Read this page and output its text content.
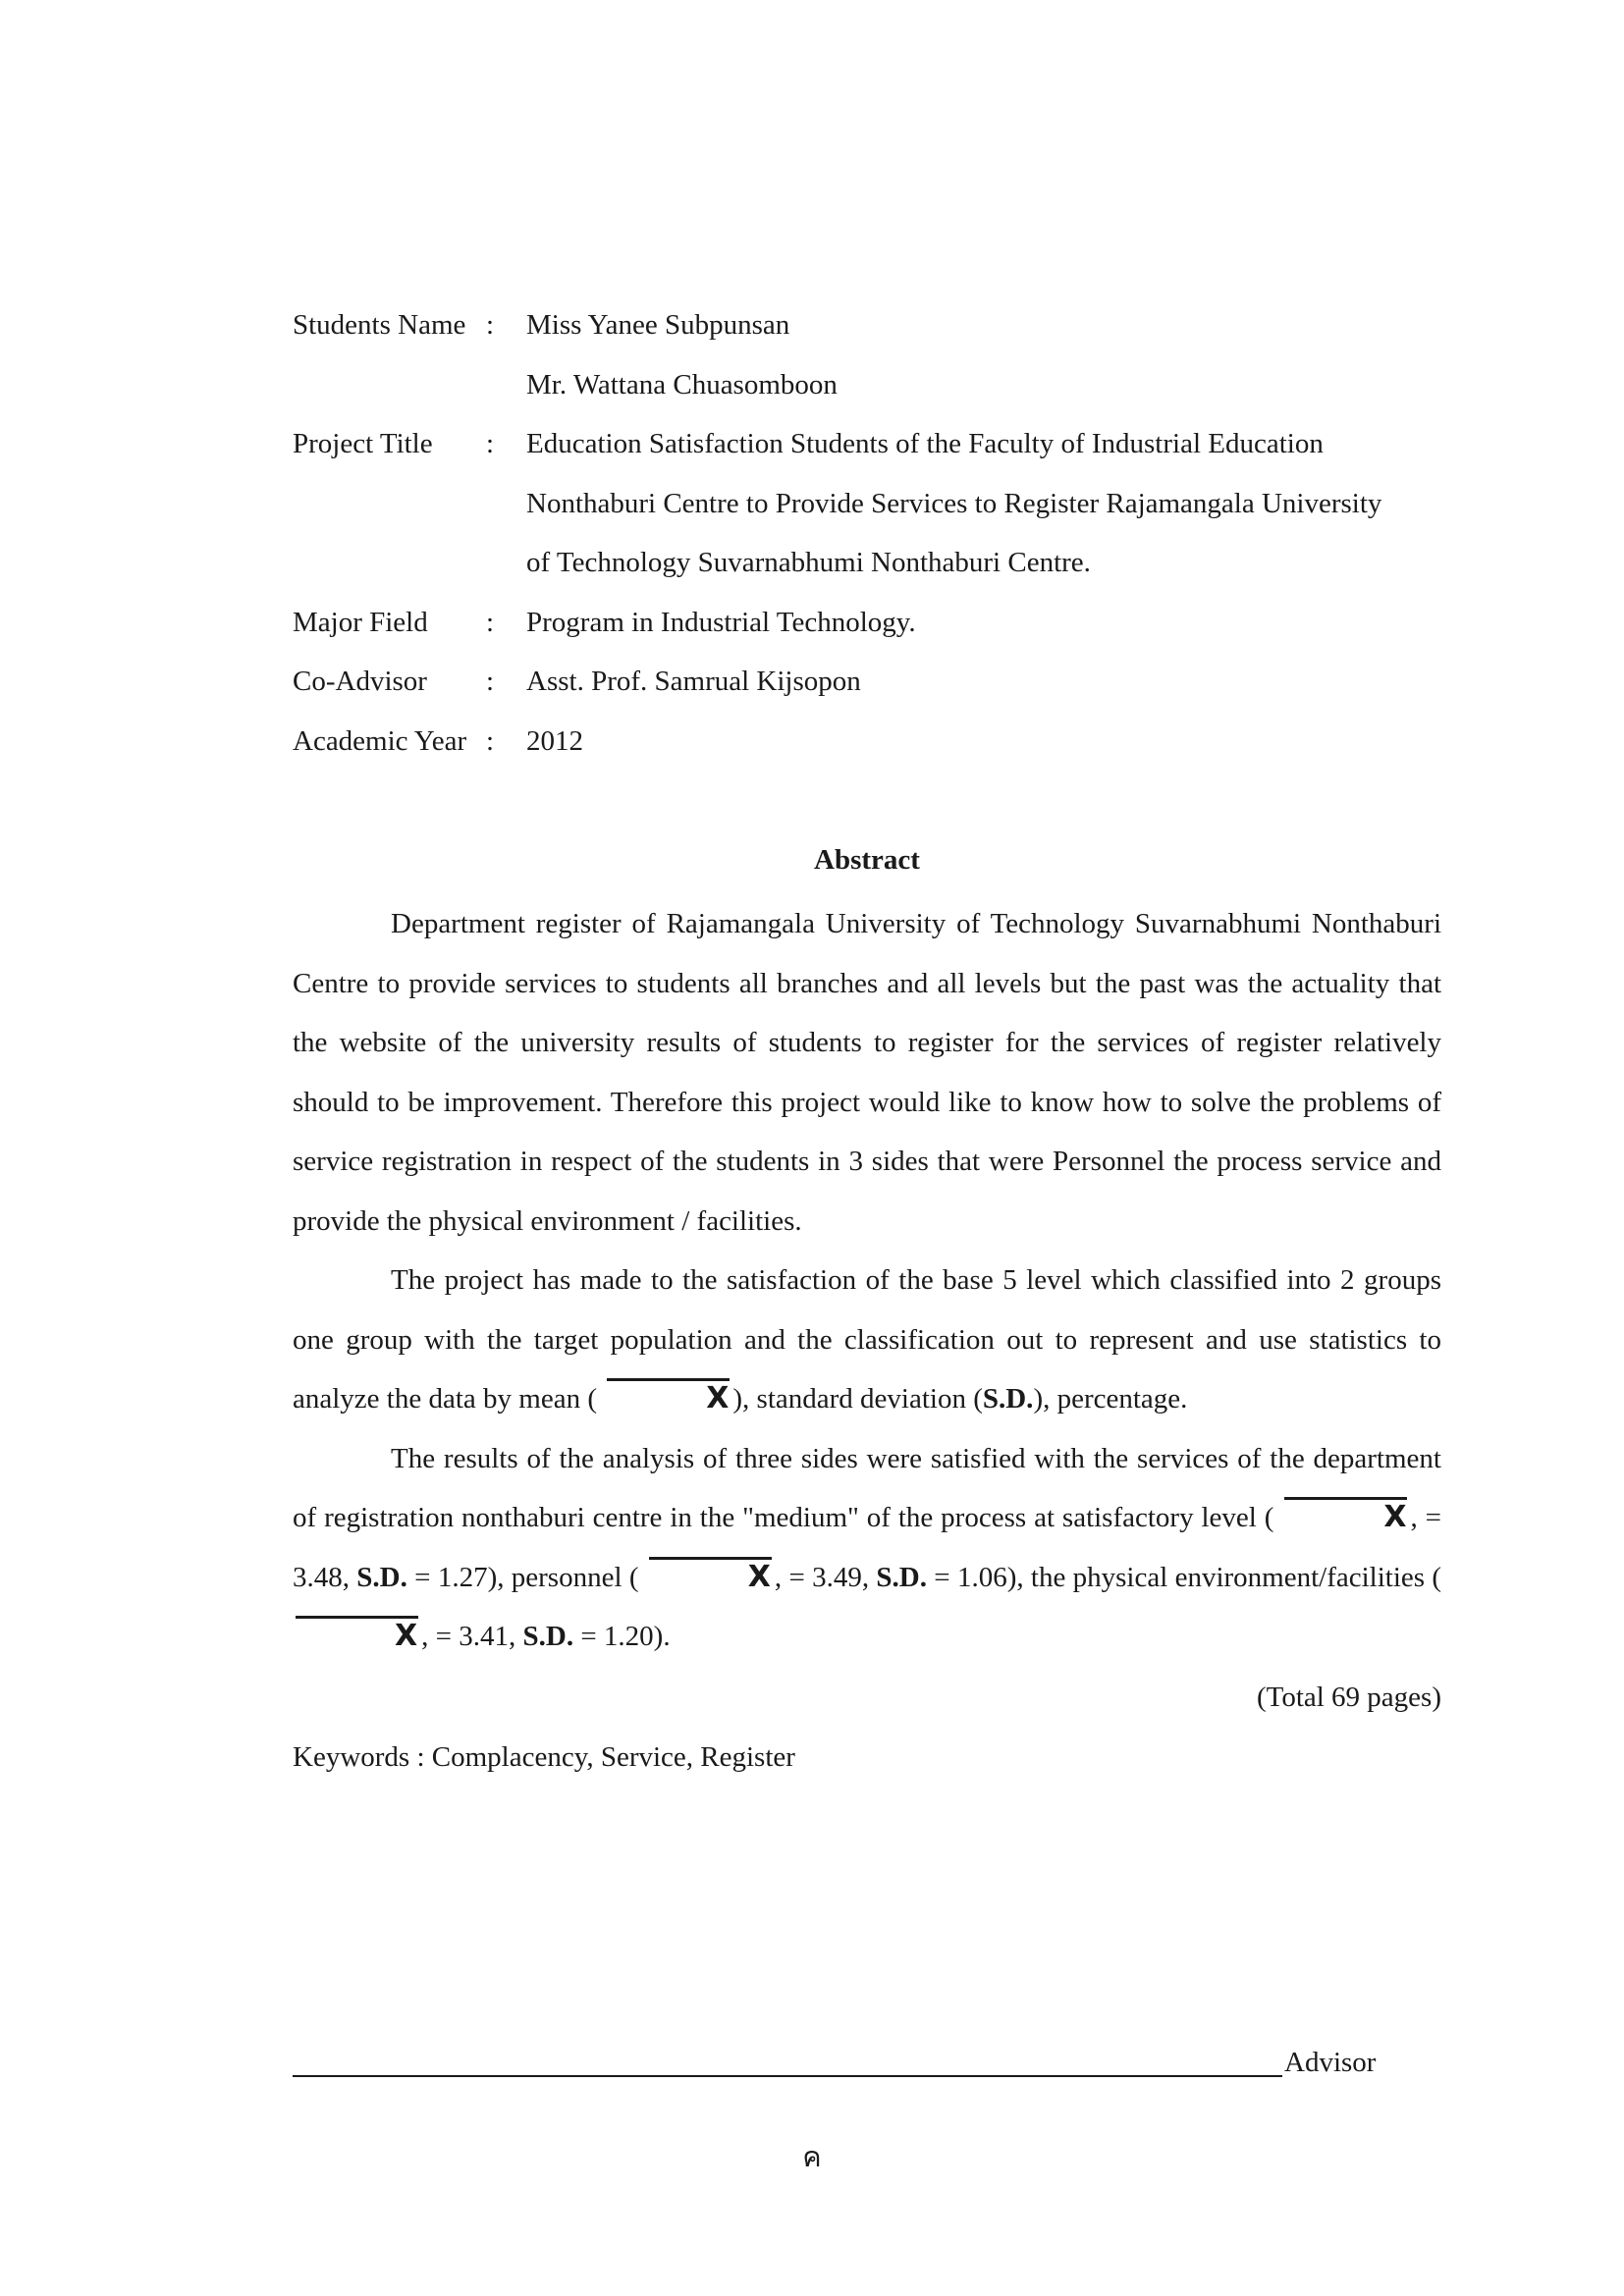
Students Name : Miss Yanee Subpunsan
Mr. Wattana Chuasomboon
Project Title : Education Satisfaction Students of the Faculty of Industrial Education
Nonthaburi Centre to Provide Services to Register Rajamangala University
of Technology Suvarnabhumi Nonthaburi Centre.
Major Field : Program in Industrial Technology.
Co-Advisor : Asst. Prof. Samrual Kijsopon
Academic Year : 2012
Abstract

Department register of Rajamangala University of Technology Suvarnabhumi Nonthaburi Centre to provide services to students all branches and all levels but the past was the actuality that the website of the university results of students to register for the services of register relatively should to be improvement. Therefore this project would like to know how to solve the problems of service registration in respect of the students in 3 sides that were Personnel the process service and provide the physical environment / facilities.

The project has made to the satisfaction of the base 5 level which classified into 2 groups one group with the target population and the classification out to represent and use statistics to analyze the data by mean (	X ), standard deviation (S.D.), percentage.

The results of the analysis of three sides were satisfied with the services of the department of registration nonthaburi centre in the "medium" of the process at satisfactory level (	X , = 3.48, S.D. = 1.27), personnel (	X , = 3.49, S.D. = 1.06), the physical environment/facilities ( X , = 3.41, S.D. = 1.20).

(Total 69 pages)
Keywords : Complacency, Service, Register
Advisor
ค
